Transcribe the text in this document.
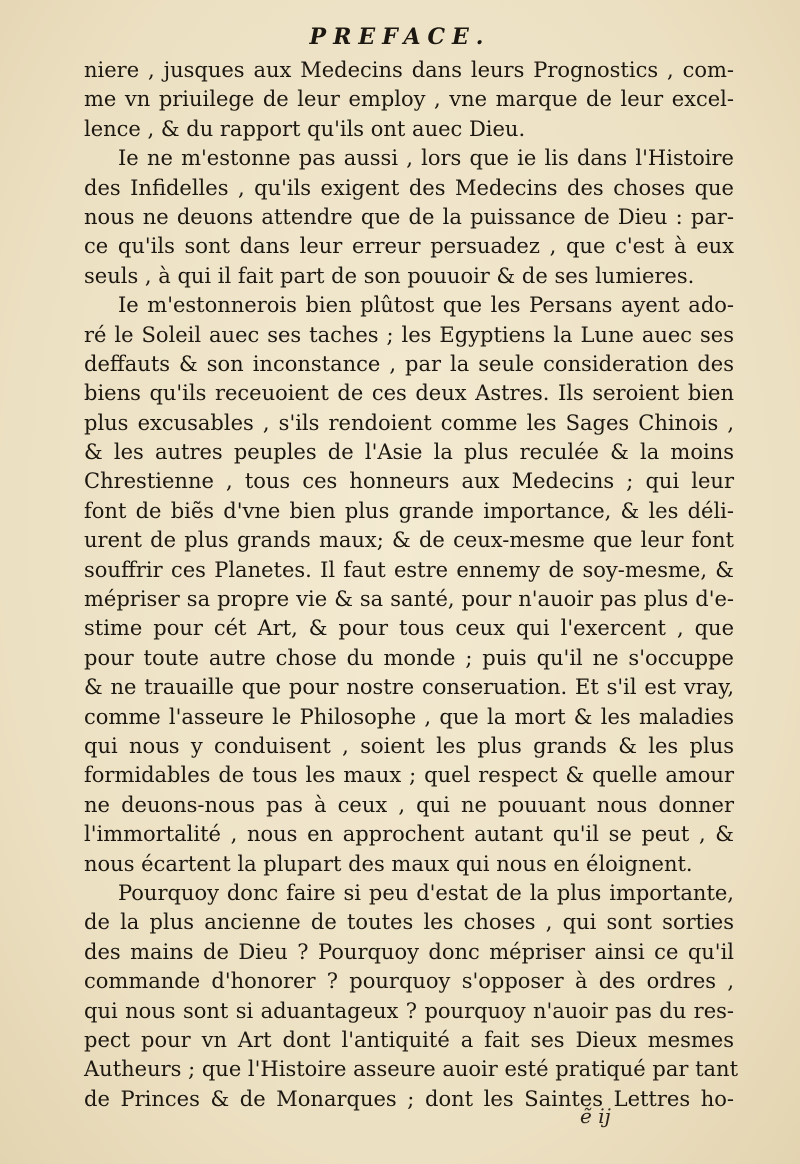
PREFACE.
niere , jusques aux Medecins dans leurs Prognostics , com-
me vn priuilege de leur employ , vne marque de leur excel-
lence , & du rapport qu'ils ont auec Dieu.
Ie ne m'estonne pas aussi , lors que ie lis dans l'Histoire
des Infidelles , qu'ils exigent des Medecins des choses que
nous ne deuons attendre que de la puissance de Dieu : par-
ce qu'ils sont dans leur erreur persuadez , que c'est à eux
seuls , à qui il fait part de son pouuoir & de ses lumieres.
Ie m'estonnerois bien plûtost que les Persans ayent ado-
ré le Soleil auec ses taches ; les Egyptiens la Lune auec ses
deffauts & son inconstance , par la seule consideration des
biens qu'ils receuoient de ces deux Astres. Ils seroient bien
plus excusables , s'ils rendoient comme les Sages Chinois ,
& les autres peuples de l'Asie la plus reculée & la moins
Chrestienne , tous ces honneurs aux Medecins ; qui leur
font de biẽs d'vne bien plus grande importance, & les déli-
urent de plus grands maux; & de ceux-mesme que leur font
souffrir ces Planetes. Il faut estre ennemy de soy-mesme, &
mépriser sa propre vie & sa santé, pour n'auoir pas plus d'e-
stime pour cét Art, & pour tous ceux qui l'exercent , que
pour toute autre chose du monde ; puis qu'il ne s'occuppe
& ne trauaille que pour nostre conseruation. Et s'il est vray,
comme l'asseure le Philosophe , que la mort & les maladies
qui nous y conduisent , soient les plus grands & les plus
formidables de tous les maux ; quel respect & quelle amour
ne deuons-nous pas à ceux , qui ne pouuant nous donner
l'immortalité , nous en approchent autant qu'il se peut , &
nous écartent la plupart des maux qui nous en éloignent.
Pourquoy donc faire si peu d'estat de la plus importante,
de la plus ancienne de toutes les choses , qui sont sorties
des mains de Dieu ? Pourquoy donc mépriser ainsi ce qu'il
commande d'honorer ? pourquoy s'opposer à des ordres ,
qui nous sont si aduantageux ? pourquoy n'auoir pas du res-
pect pour vn Art dont l'antiquité a fait ses Dieux mesmes
Autheurs ; que l'Histoire asseure auoir esté pratiqué par tant
de Princes & de Monarques ; dont les Saintes Lettres ho-
ẽ ij
